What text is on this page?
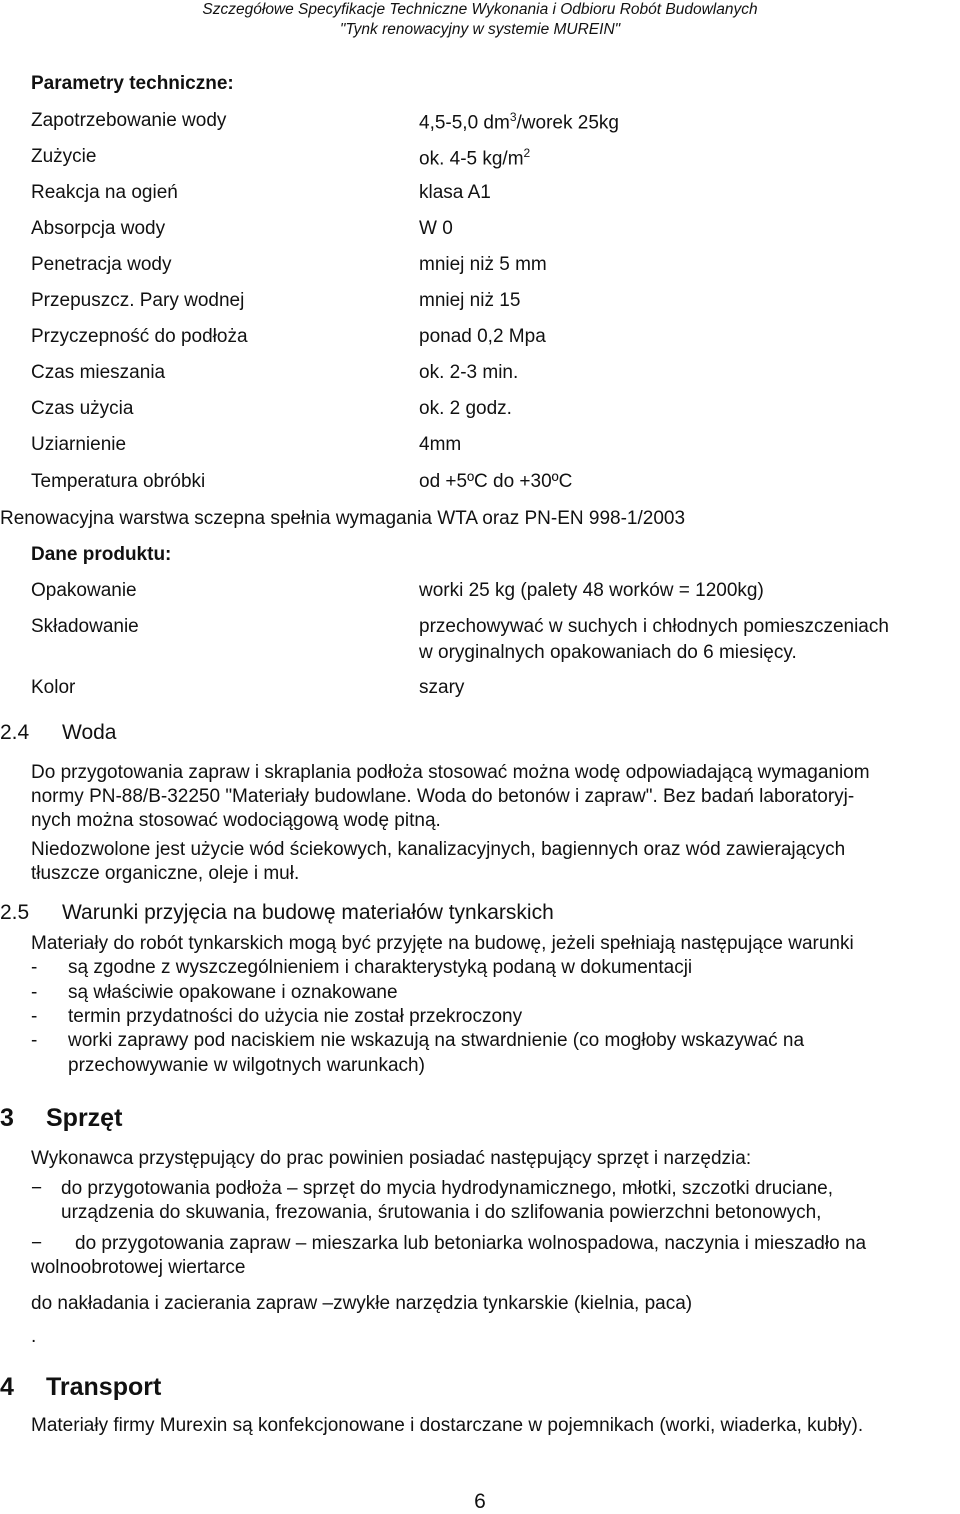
Szczegółowe Specyfikacje Techniczne Wykonania i Odbioru Robót Budowlanych
"Tynk renowacyjny w systemie MUREIN"
Parametry techniczne:
Zapotrzebowanie wody	4,5-5,0 $dm^3$/worek 25kg
Zużycie	ok. 4-5 $kg/m^2$
Reakcja na ogień	klasa A1
Absorpcja wody	W 0
Penetracja wody	mniej niż 5 mm
Przepuszcz. Pary wodnej	mniej niż 15
Przyczepność do podłoża	ponad 0,2 Mpa
Czas mieszania	ok. 2-3 min.
Czas użycia	ok. 2 godz.
Uziarnienie	4mm
Temperatura obróbki	od +5ºC do +30ºC
Renowacyjna warstwa sczepna spełnia wymagania WTA oraz PN-EN 998-1/2003
Dane produktu:
Opakowanie	worki 25 kg (palety 48 worków = 1200kg)
Składowanie	przechowywać w suchych i chłodnych pomieszczeniach
w oryginalnych opakowaniach do 6 miesięcy.
Kolor	szary
2.4 Woda
Do przygotowania zapraw i skraplania podłoża stosować można wodę odpowiadającą wymaganiom
normy PN-88/B-32250 "Materiały budowlane. Woda do betonów i zapraw". Bez badań laboratoryj-
nych można stosować wodociągową wodę pitną.
Niedozwolone jest użycie wód ściekowych, kanalizacyjnych, bagiennych oraz wód zawierających
tłuszcze organiczne, oleje i muł.
2.5 Warunki przyjęcia na budowę materiałów tynkarskich
Materiały do robót tynkarskich mogą być przyjęte na budowę, jeżeli spełniają następujące warunki
- są zgodne z wyszczególnieniem i charakterystyką podaną w dokumentacji
- są właściwie opakowane i oznakowane
- termin przydatności do użycia nie został przekroczony
- worki zaprawy pod naciskiem nie wskazują na stwardnienie (co mogłoby wskazywać na
przechowywanie w wilgotnych warunkach)
3 Sprzęt
Wykonawca przystępujący do prac powinien posiadać następujący sprzęt i narzędzia:
− do przygotowania podłoża – sprzęt do mycia hydrodynamicznego, młotki, szczotki druciane,
urządzenia do skuwania, frezowania, śrutowania i do szlifowania powierzchni betonowych,
− do przygotowania zapraw – mieszarka lub betoniarka wolnospadowa, naczynia i mieszadło na
wolnoobrotowej wiertarce
do nakładania i zacierania zapraw –zwykłe narzędzia tynkarskie (kielnia, paca)
.
4 Transport
Materiały firmy Murexin są konfekcjonowane i dostarczane w pojemnikach (worki, wiaderka, kubły).
6
